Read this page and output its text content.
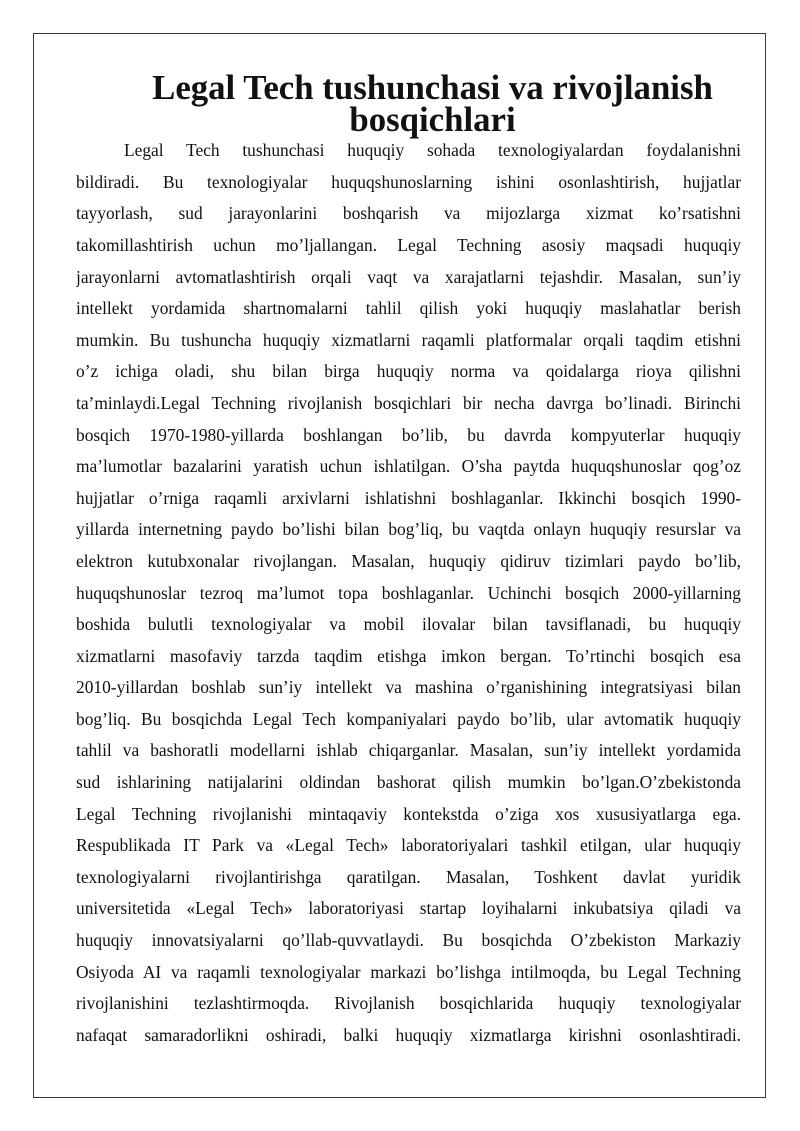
Legal Tech tushunchasi va rivojlanish bosqichlari
Legal Tech tushunchasi huquqiy sohada texnologiyalardan foydalanishni
bildiradi. Bu texnologiyalar huquqshunoslarning ishini osonlashtirish, hujjatlar
tayyorlash, sud jarayonlarini boshqarish va mijozlarga xizmat ko’rsatishni
takomillashtirish uchun mo’ljallangan. Legal Techning asosiy maqsadi huquqiy
jarayonlarni avtomatlashtirish orqali vaqt va xarajatlarni tejashdir. Masalan, sun’iy
intellekt yordamida shartnomalarni tahlil qilish yoki huquqiy maslahatlar berish
mumkin. Bu tushuncha huquqiy xizmatlarni raqamli platformalar orqali taqdim etishni
o’z ichiga oladi, shu bilan birga huquqiy norma va qoidalarga rioya qilishni
ta’minlaydi.Legal Techning rivojlanish bosqichlari bir necha davrga bo’linadi. Birinchi
bosqich 1970-1980-yillarda boshlangan bo’lib, bu davrda kompyuterlar huquqiy
ma’lumotlar bazalarini yaratish uchun ishlatilgan. O’sha paytda huquqshunoslar qog’oz
hujjatlar o’rniga raqamli arxivlarni ishlatishni boshlaganlar. Ikkinchi bosqich 1990-
yillarda internetning paydo bo’lishi bilan bog’liq, bu vaqtda onlayn huquqiy resurslar va
elektron kutubxonalar rivojlangan. Masalan, huquqiy qidiruv tizimlari paydo bo’lib,
huquqshunoslar tezroq ma’lumot topa boshlaganlar. Uchinchi bosqich 2000-yillarning
boshida bulutli texnologiyalar va mobil ilovalar bilan tavsiflanadi, bu huquqiy
xizmatlarni masofaviy tarzda taqdim etishga imkon bergan. To’rtinchi bosqich esa
2010-yillardan boshlab sun’iy intellekt va mashina o’rganishining integratsiyasi bilan
bog’liq. Bu bosqichda Legal Tech kompaniyalari paydo bo’lib, ular avtomatik huquqiy
tahlil va bashoratli modellarni ishlab chiqarganlar. Masalan, sun’iy intellekt yordamida
sud ishlarining natijalarini oldindan bashorat qilish mumkin bo’lgan.O’zbekistonda
Legal Techning rivojlanishi mintaqaviy kontekstda o’ziga xos xususiyatlarga ega.
Respublikada IT Park va «Legal Tech» laboratoriyalari tashkil etilgan, ular huquqiy
texnologiyalarni rivojlantirishga qaratilgan. Masalan, Toshkent davlat yuridik
universitetida «Legal Tech» laboratoriyasi startap loyihalarni inkubatsiya qiladi va
huquqiy innovatsiyalarni qo’llab-quvvatlaydi. Bu bosqichda O’zbekiston Markaziy
Osiyoda AI va raqamli texnologiyalar markazi bo’lishga intilmoqda, bu Legal Techning
rivojlanishini tezlashtirmoqda. Rivojlanish bosqichlarida huquqiy texnologiyalar
nafaqat samaradorlikni oshiradi, balki huquqiy xizmatlarga kirishni osonlashtiradi.
